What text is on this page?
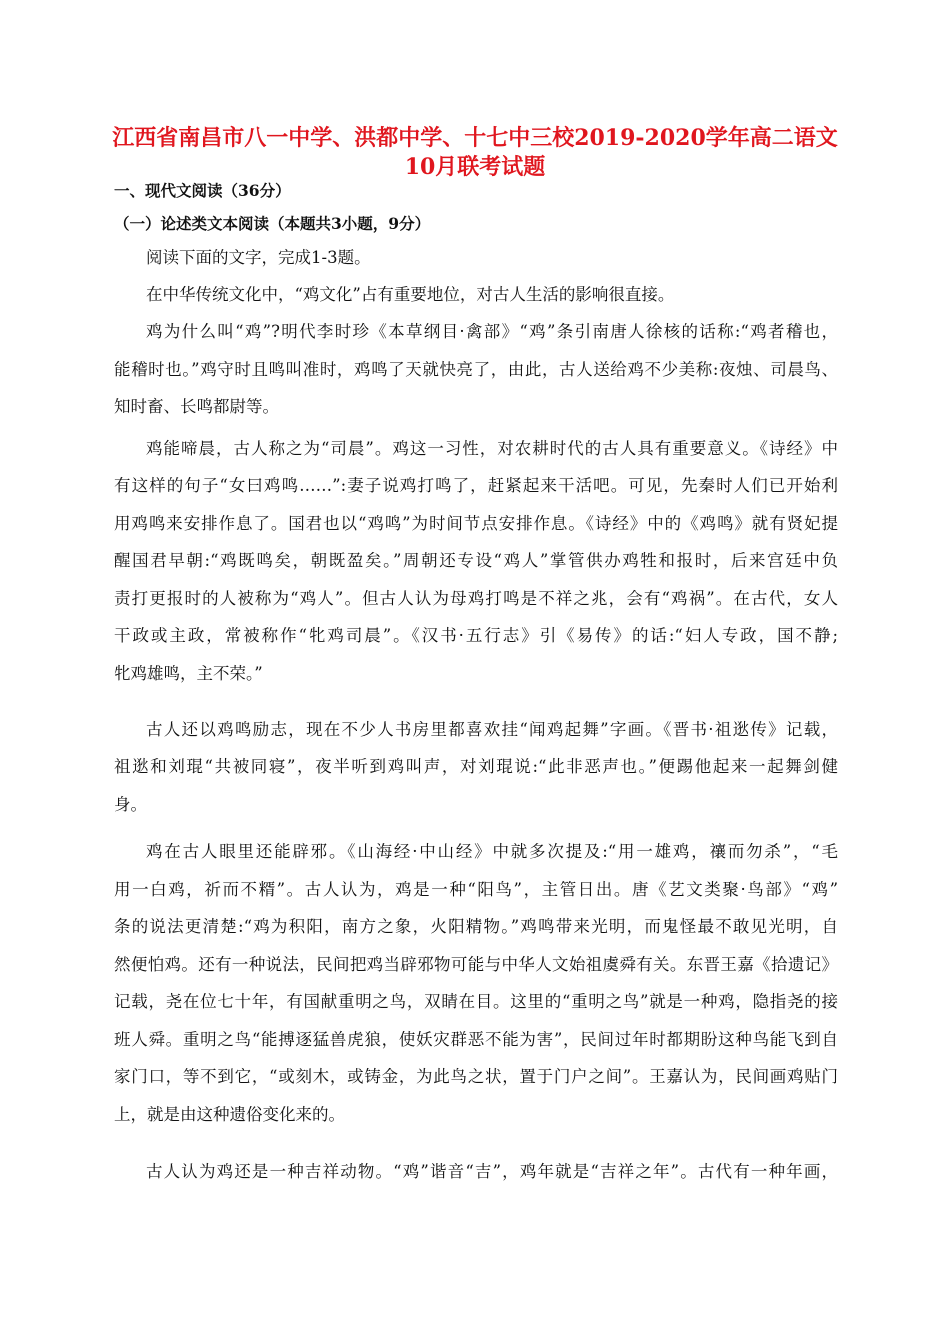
江西省南昌市八一中学、洪都中学、十七中三校2019-2020学年高二语文
10月联考试题
一、现代文阅读（36分）
（一）论述类文本阅读（本题共3小题，9分）
阅读下面的文字，完成1-3题。
在中华传统文化中，“鸡文化”占有重要地位，对古人生活的影响很直接。
鸡为什么叫“鸡”?明代李时珍《本草纲目·禽部》“鸡”条引南唐人徐核的话称:“鸡者稽也，
能稽时也。”鸡守时且鸣叫准时，鸡鸣了天就快亮了，由此，古人送给鸡不少美称:夜烛、司晨鸟、
知时畜、长鸣都尉等。
鸡能啼晨，古人称之为“司晨”。鸡这一习性，对农耕时代的古人具有重要意义。《诗经》中
有这样的句子“女曰鸡鸣……”:妻子说鸡打鸣了，赶紧起来干活吧。可见，先秦时人们已开始利
用鸡鸣来安排作息了。国君也以“鸡鸣”为时间节点安排作息。《诗经》中的《鸡鸣》就有贤妃提
醒国君早朝:“鸡既鸣矣，朝既盈矣。”周朝还专设“鸡人”掌管供办鸡牲和报时，后来宫廷中负
责打更报时的人被称为“鸡人”。但古人认为母鸡打鸣是不祥之兆，会有“鸡祸”。在古代，女人
干政或主政，常被称作“牝鸡司晨”。《汉书·五行志》引《易传》的话:“妇人专政，国不静;
牝鸡雄鸣，主不荣。”
古人还以鸡鸣励志，现在不少人书房里都喜欢挂“闻鸡起舞”字画。《晋书·祖逖传》记载，
祖逖和刘琨“共被同寝”，夜半听到鸡叫声，对刘琨说:“此非恶声也。”便踢他起来一起舞剑健
身。
鸡在古人眼里还能辟邪。《山海经·中山经》中就多次提及:“用一雄鸡，禳而勿杀”，“毛
用一白鸡，祈而不糈”。古人认为，鸡是一种“阳鸟”，主管日出。唐《艺文类聚·鸟部》“鸡”
条的说法更清楚:“鸡为积阳，南方之象，火阳精物。”鸡鸣带来光明，而鬼怪最不敢见光明，自
然便怕鸡。还有一种说法，民间把鸡当辟邪物可能与中华人文始祖虞舜有关。东晋王嘉《拾遗记》
记载，尧在位七十年，有国献重明之鸟，双睛在目。这里的“重明之鸟”就是一种鸡，隐指尧的接
班人舜。重明之鸟“能搏逐猛兽虎狼，使妖灾群恶不能为害”，民间过年时都期盼这种鸟能飞到自
家门口，等不到它，“或刻木，或铸金，为此鸟之状，置于门户之间”。王嘉认为，民间画鸡贴门
上，就是由这种遗俗变化来的。
古人认为鸡还是一种吉祥动物。“鸡”谐音“吉”，鸡年就是“吉祥之年”。古代有一种年画，
